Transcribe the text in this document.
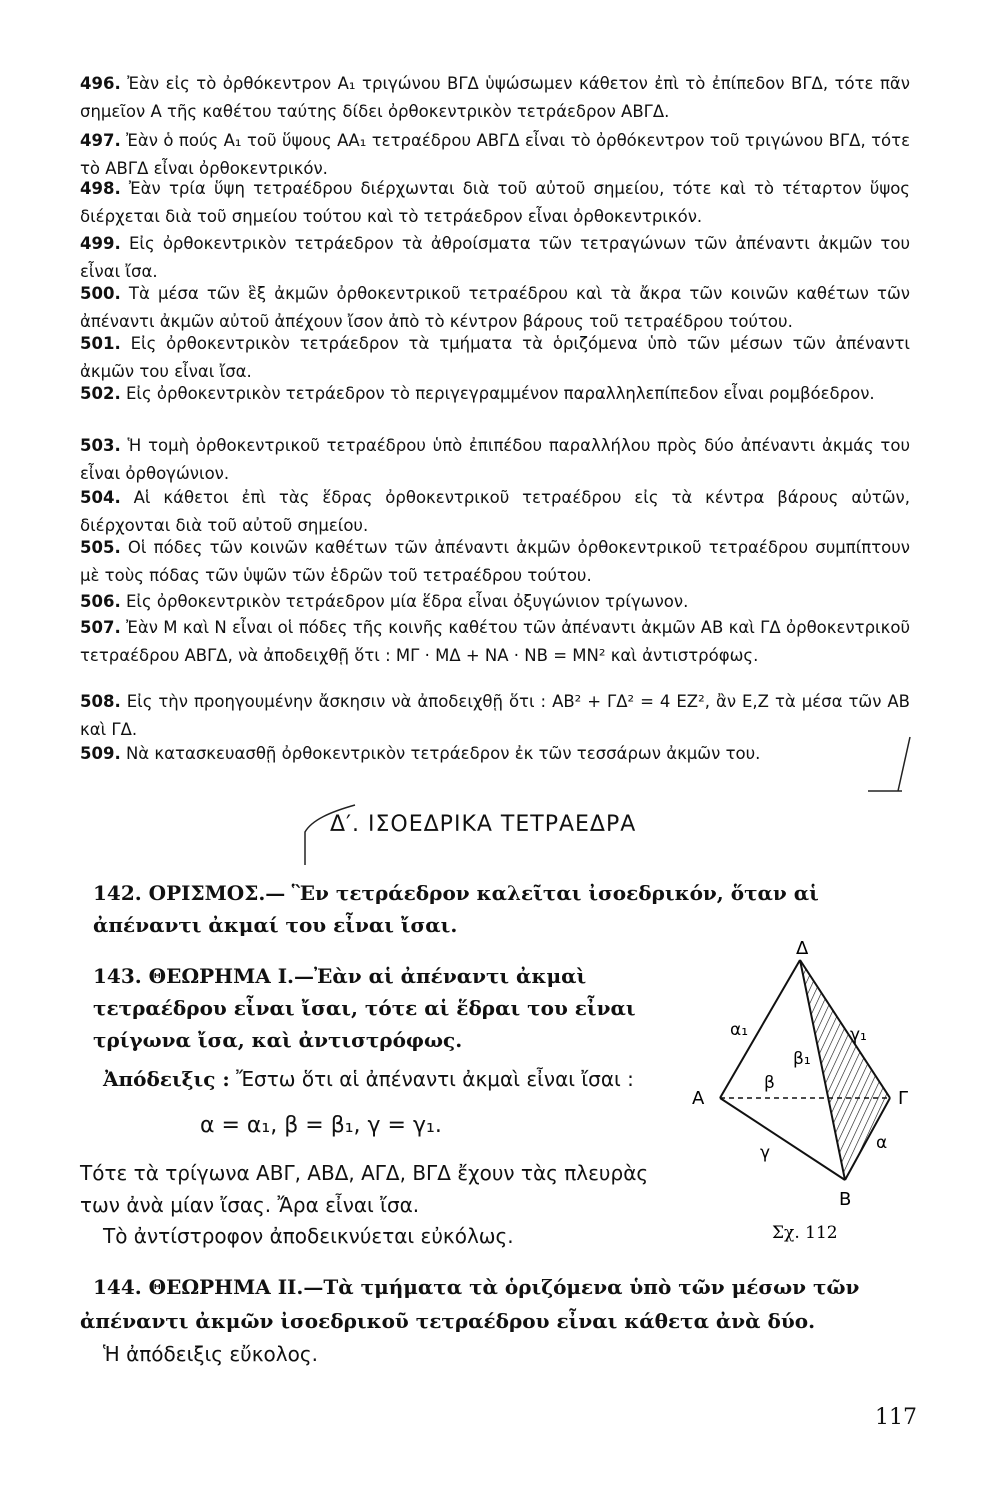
496. Ἐὰν εἰς τὸ ὀρθόκεντρον A₁ τριγώνου ΒΓΔ ὑψώσωμεν κάθετον ἐπὶ τὸ ἐπίπεδον ΒΓΔ, τότε πᾶν σημεῖον Α τῆς καθέτου ταύτης δίδει ὀρθοκεντρικὸν τετράεδρον ΑΒΓΔ.
497. Ἐὰν ὁ πούς A₁ τοῦ ὕψους ΑA₁ τετραέδρου ΑΒΓΔ εἶναι τὸ ὀρθόκεντρον τοῦ τριγώνου ΒΓΔ, τότε τὸ ΑΒΓΔ εἶναι ὀρθοκεντρικόν.
498. Ἐὰν τρία ὕψη τετραέδρου διέρχωνται διὰ τοῦ αὐτοῦ σημείου, τότε καὶ τὸ τέταρτον ὕψος διέρχεται διὰ τοῦ σημείου τούτου καὶ τὸ τετράεδρον εἶναι ὀρθοκεντρικόν.
499. Εἰς ὀρθοκεντρικὸν τετράεδρον τὰ ἀθροίσματα τῶν τετραγώνων τῶν ἀπέναντι ἀκμῶν του εἶναι ἴσα.
500. Τὰ μέσα τῶν ἓξ ἀκμῶν ὀρθοκεντρικοῦ τετραέδρου καὶ τὰ ἄκρα τῶν κοινῶν καθέτων τῶν ἀπέναντι ἀκμῶν αὐτοῦ ἀπέχουν ἴσον ἀπὸ τὸ κέντρον βάρους τοῦ τετραέδρου τούτου.
501. Εἰς ὀρθοκεντρικὸν τετράεδρον τὰ τμήματα τὰ ὁριζόμενα ὑπὸ τῶν μέσων τῶν ἀπέναντι ἀκμῶν του εἶναι ἴσα.
502. Εἰς ὀρθοκεντρικὸν τετράεδρον τὸ περιγεγραμμένον παραλληλεπίπεδον εἶναι ρομβόεδρον.
503. Ἡ τομὴ ὀρθοκεντρικοῦ τετραέδρου ὑπὸ ἐπιπέδου παραλλήλου πρὸς δύο ἀπέναντι ἀκμάς του εἶναι ὀρθογώνιον.
504. Αἱ κάθετοι ἐπὶ τὰς ἕδρας ὀρθοκεντρικοῦ τετραέδρου εἰς τὰ κέντρα βάρους αὐτῶν, διέρχονται διὰ τοῦ αὐτοῦ σημείου.
505. Οἱ πόδες τῶν κοινῶν καθέτων τῶν ἀπέναντι ἀκμῶν ὀρθοκεντρικοῦ τετραέδρου συμπίπτουν μὲ τοὺς πόδας τῶν ὑψῶν τῶν ἑδρῶν τοῦ τετραέδρου τούτου.
506. Εἰς ὀρθοκεντρικὸν τετράεδρον μία ἕδρα εἶναι ὀξυγώνιον τρίγωνον.
507. Ἐὰν Μ καὶ Ν εἶναι οἱ πόδες τῆς κοινῆς καθέτου τῶν ἀπέναντι ἀκμῶν ΑΒ καὶ ΓΔ ὀρθοκεντρικοῦ τετραέδρου ΑΒΓΔ, νὰ ἀποδειχθῇ ὅτι : ΜΓ · ΜΔ + ΝΑ · ΝΒ = ΜΝ² καὶ ἀντιστρόφως.
508. Εἰς τὴν προηγουμένην ἄσκησιν νὰ ἀποδειχθῇ ὅτι : ΑΒ² + ΓΔ² = 4 ΕΖ², ἂν Ε,Ζ τὰ μέσα τῶν ΑΒ καὶ ΓΔ.
509. Νὰ κατασκευασθῇ ὀρθοκεντρικὸν τετράεδρον ἐκ τῶν τεσσάρων ἀκμῶν του.
Δ′. ΙΣΟΕΔΡΙΚΑ ΤΕΤΡΑΕΔΡΑ
142. ΟΡΙΣΜΟΣ.— Ἓν τετράεδρον καλεῖται ἰσοεδρικόν, ὅταν αἱ ἀπέναντι ἀκμαί του εἶναι ἴσαι.
143. ΘΕΩΡΗΜΑ Ι.—Ἐὰν αἱ ἀπέναντι ἀκμαὶ τετραέδρου εἶναι ἴσαι, τότε αἱ ἕδραι του εἶναι τρίγωνα ἴσα, καὶ ἀντιστρόφως.
Ἀπόδειξις : Ἔστω ὅτι αἱ ἀπέναντι ἀκμαὶ εἶναι ἴσαι :
α = α₁, β = β₁, γ = γ₁.
Τότε τὰ τρίγωνα ΑΒΓ, ΑΒΔ, ΑΓΔ, ΒΓΔ ἔχουν τὰς πλευρὰς των ἀνὰ μίαν ἴσας. Ἄρα εἶναι ἴσα.
Τὸ ἀντίστροφον ἀποδεικνύεται εὐκόλως.
Δ
Α	Γ
Β
α₁	γ₁
β₁
β
γ	α
Σχ. 112
144. ΘΕΩΡΗΜΑ ΙΙ.—Τὰ τμήματα τὰ ὁριζόμενα ὑπὸ τῶν μέσων τῶν ἀπέναντι ἀκμῶν ἰσοεδρικοῦ τετραέδρου εἶναι κάθετα ἀνὰ δύο.
Ἡ ἀπόδειξις εὔκολος.
117
